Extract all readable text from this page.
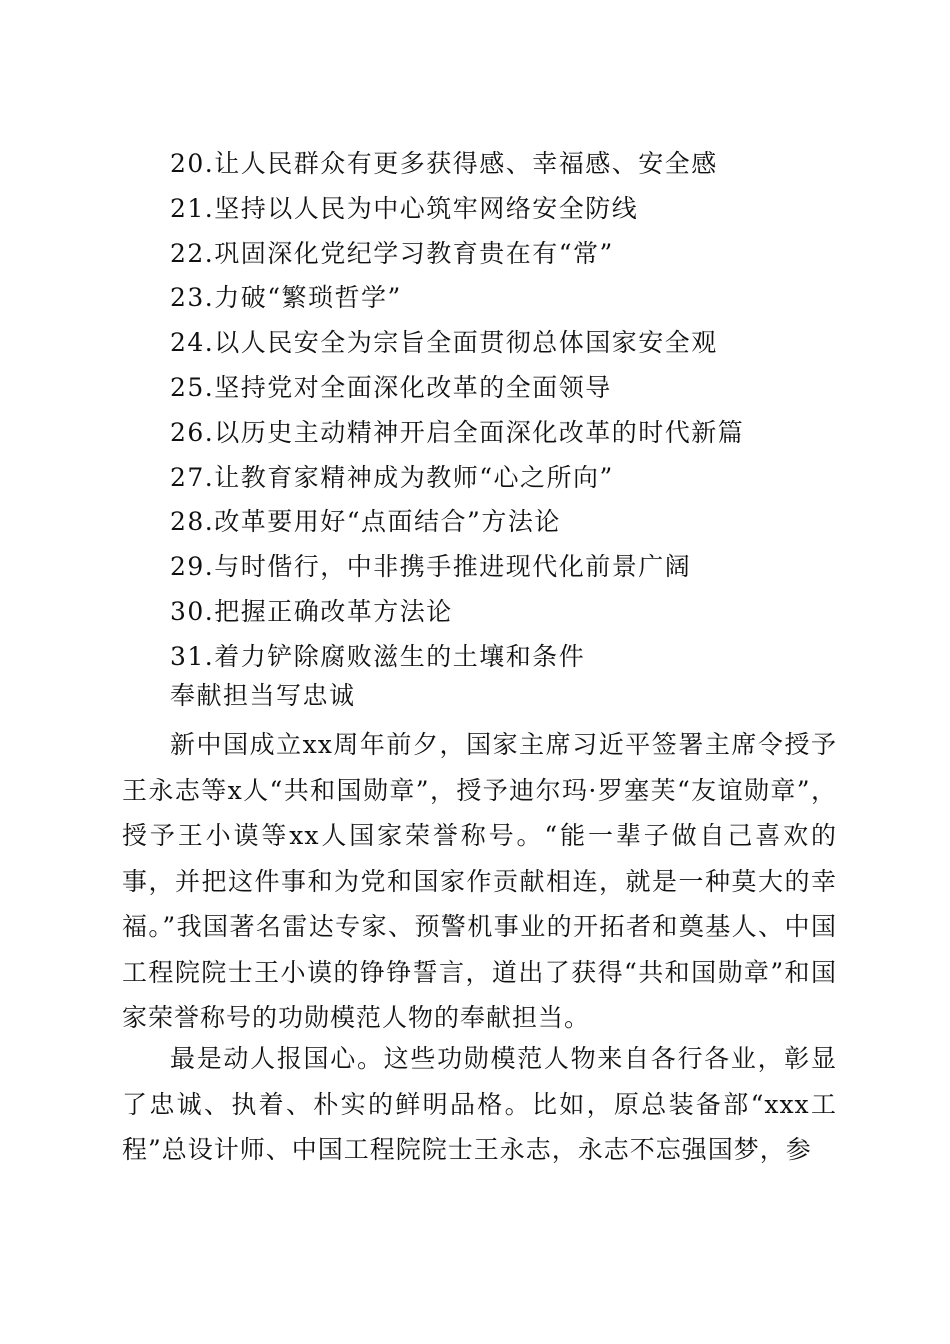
20.让人民群众有更多获得感、幸福感、安全感
21.坚持以人民为中心筑牢网络安全防线
22.巩固深化党纪学习教育贵在有“常”
23.力破“繁琐哲学”
24.以人民安全为宗旨全面贯彻总体国家安全观
25.坚持党对全面深化改革的全面领导
26.以历史主动精神开启全面深化改革的时代新篇
27.让教育家精神成为教师“心之所向”
28.改革要用好“点面结合”方法论
29.与时偕行，中非携手推进现代化前景广阔
30.把握正确改革方法论
31.着力铲除腐败滋生的土壤和条件
奉献担当写忠诚

新中国成立xx周年前夕，国家主席习近平签署主席令授予王永志等x人“共和国勋章”，授予迪尔玛·罗塞芙“友谊勋章”，授予王小谟等xx人国家荣誉称号。“能一辈子做自己喜欢的事，并把这件事和为党和国家作贡献相连，就是一种莫大的幸福。”我国著名雷达专家、预警机事业的开拓者和奠基人、中国工程院院士王小谟的铮铮誓言，道出了获得“共和国勋章”和国家荣誉称号的功勋模范人物的奉献担当。

最是动人报国心。这些功勋模范人物来自各行各业，彰显了忠诚、执着、朴实的鲜明品格。比如，原总装备部“xxx工程”总设计师、中国工程院院士王永志，永志不忘强国梦，参
